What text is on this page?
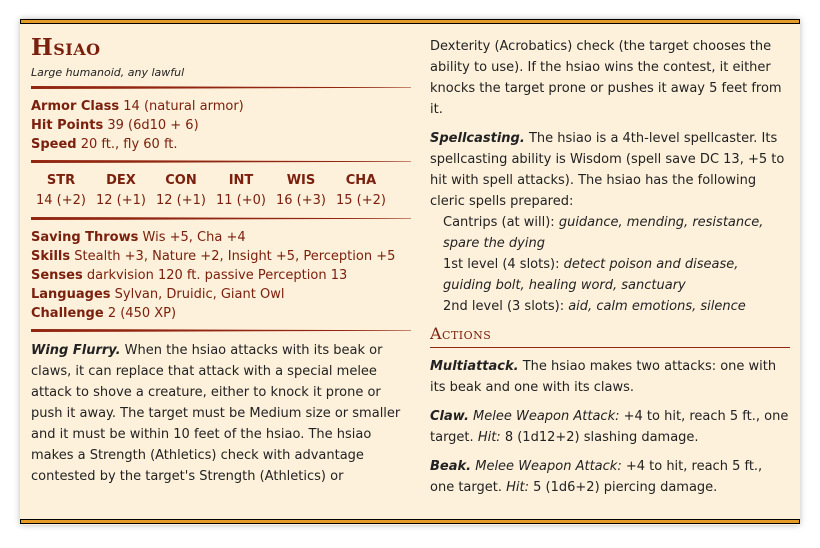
Hsiao
Large humanoid, any lawful
Armor Class 14 (natural armor)
Hit Points 39 (6d10 + 6)
Speed 20 ft., fly 60 ft.
STR
14 (+2)
DEX
12 (+1)
CON
12 (+1)
INT
11 (+0)
WIS
16 (+3)
CHA
15 (+2)
Saving Throws Wis +5, Cha +4
Skills Stealth +3, Nature +2, Insight +5, Perception +5
Senses darkvision 120 ft. passive Perception 13
Languages Sylvan, Druidic, Giant Owl
Challenge 2 (450 XP)
Wing Flurry. When the hsiao attacks with its beak or claws, it can replace that attack with a special melee attack to shove a creature, either to knock it prone or push it away. The target must be Medium size or smaller and it must be within 10 feet of the hsiao. The hsiao makes a Strength (Athletics) check with advantage contested by the target's Strength (Athletics) or

Dexterity (Acrobatics) check (the target chooses the ability to use). If the hsiao wins the contest, it either knocks the target prone or pushes it away 5 feet from it.

Spellcasting. The hsiao is a 4th-level spellcaster. Its spellcasting ability is Wisdom (spell save DC 13, +5 to hit with spell attacks). The hsiao has the following cleric spells prepared:
Cantrips (at will): guidance, mending, resistance, spare the dying
1st level (4 slots): detect poison and disease, guiding bolt, healing word, sanctuary
2nd level (3 slots): aid, calm emotions, silence
Actions

Multiattack. The hsiao makes two attacks: one with its beak and one with its claws.

Claw. Melee Weapon Attack: +4 to hit, reach 5 ft., one target. Hit: 8 (1d12+2) slashing damage.

Beak. Melee Weapon Attack: +4 to hit, reach 5 ft., one target. Hit: 5 (1d6+2) piercing damage.
